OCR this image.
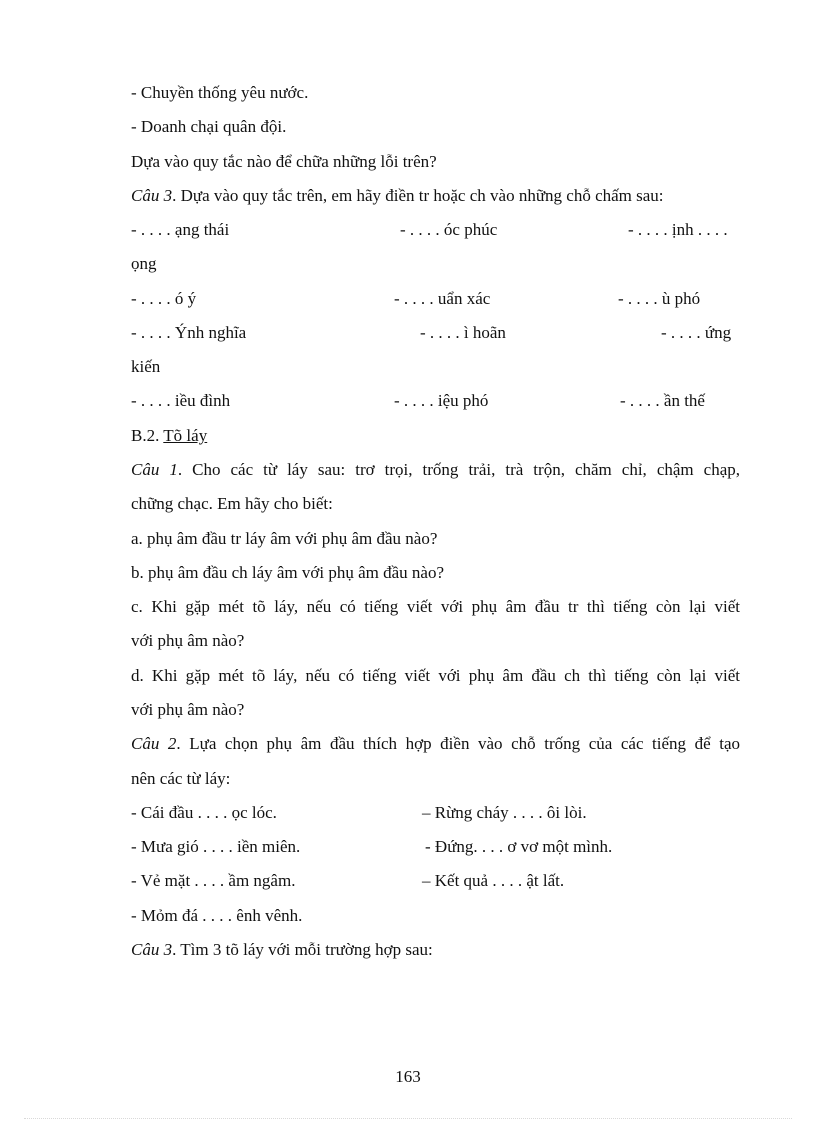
- Chuyền thống yêu nước.
- Doanh chại quân đội.
Dựa vào quy tắc nào để chữa những lỗi trên?
Câu 3. Dựa vào quy tắc trên, em hãy điền tr hoặc ch vào những chỗ chấm sau:
- . . . . ạng thái	- . . . . óc phúc	- . . . . ịnh . . . .
ọng
- . . . . ó ý	- . . . . uẩn xác	- . . . . ù phó
- . . . . Ýnh nghĩa	- . . . . ì hoãn	- . . . . ứng
kiến
- . . . . iều đình	- . . . . iệu phó	- . . . . ần thế
B.2. Tõ láy
Câu 1. Cho các từ láy sau: trơ trọi, trống trải, trà trộn, chăm chỉ, chậm chạp,
chững chạc. Em hãy cho biết:
a. phụ âm đầu tr láy âm với phụ âm đầu nào?
b. phụ âm đầu ch láy âm với phụ âm đầu nào?
c. Khi gặp mét tõ láy, nếu có tiếng viết với phụ âm đầu tr thì tiếng còn lại viết
với phụ âm nào?
d. Khi gặp mét tõ láy, nếu có tiếng viết với phụ âm đầu ch thì tiếng còn lại viết
với phụ âm nào?
Câu 2. Lựa chọn phụ âm đầu thích hợp điền vào chỗ trống của các tiếng để tạo
nên các từ láy:
- Cái đầu . . . . ọc lóc.	– Rừng cháy . . . . ôi lòi.
- Mưa gió . . . . iền miên.	- Đứng. . . . ơ vơ một mình.
- Vẻ mặt . . . . ầm ngâm.	– Kết quả . . . . ật lất.
- Mỏm đá . . . . ênh vênh.
Câu 3. Tìm 3 tõ láy với mỗi trường hợp sau:
163
